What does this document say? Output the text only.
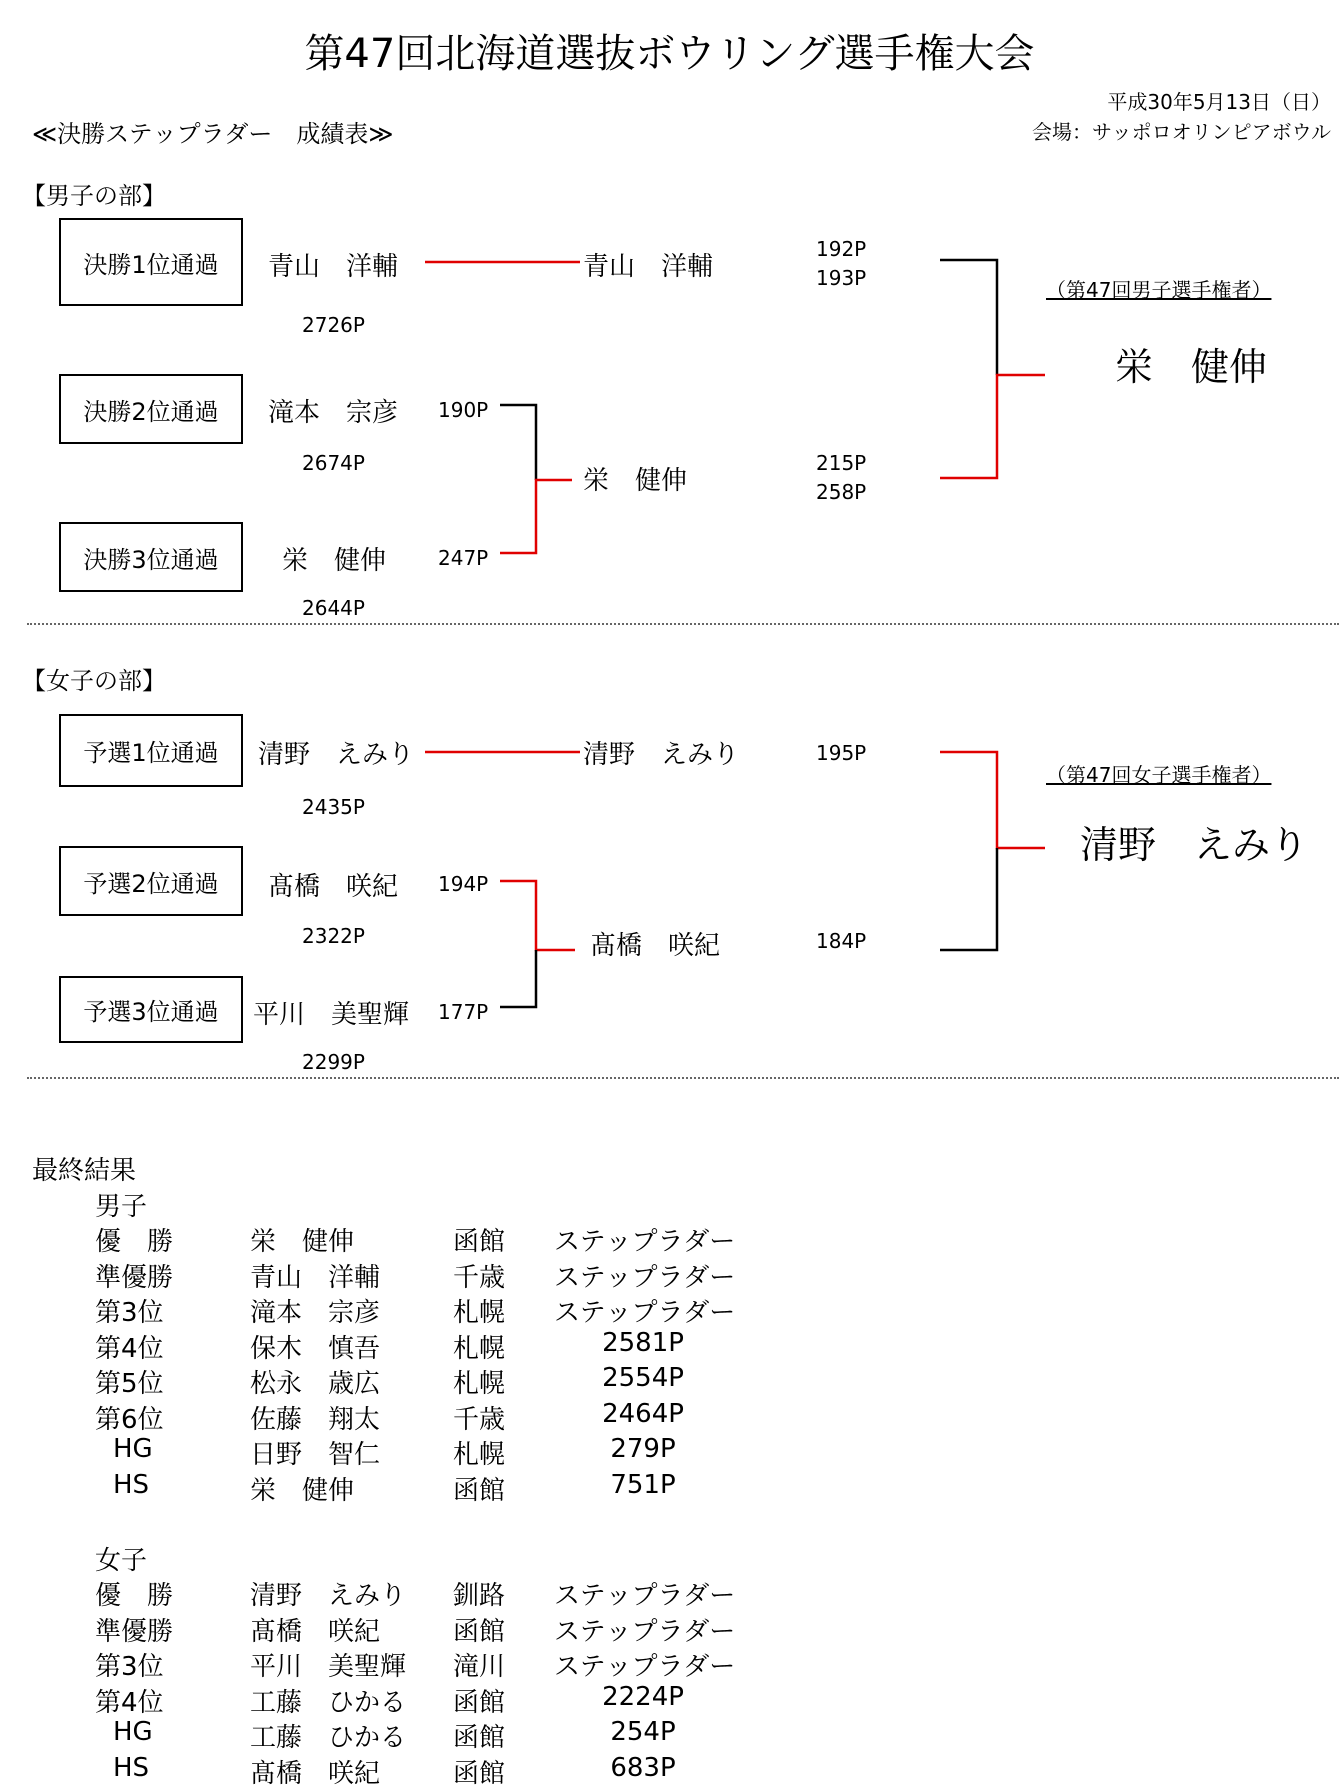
第47回北海道選抜ボウリング選手権大会
平成30年5月13日（日）
会場：サッポロオリンピアボウル
≪決勝ステップラダー　成績表≫
【男子の部】
決勝1位通過	青山　洋輔
2726P
決勝2位通過	滝本　宗彦 190P
2674P
決勝3位通過	栄　健伸	247P
2644P
青山　洋輔
栄　健伸
192P
193P
215P
258P
（第47回男子選手権者）
栄　健伸
【女子の部】
予選1位通過	清野　えみり
2435P
予選2位通過	髙橋　咲紀 194P
2322P
予選3位通過	平川　美聖輝 177P
2299P
清野　えみり
髙橋　咲紀
195P
184P
（第47回女子選手権者）
清野　えみり
最終結果
男子
優　勝	栄　健伸	函館 ステップラダー
準優勝	青山　洋輔	千歳 ステップラダー
第3位	滝本　宗彦	札幌 ステップラダー
第4位	保木　慎吾	札幌	2581P
第5位	松永　歳広	札幌	2554P
第6位	佐藤　翔太	千歳	2464P
HG	日野　智仁	札幌	279P
HS	栄　健伸	函館	751P
女子
優　勝	清野　えみり 釧路 ステップラダー
準優勝	髙橋　咲紀	函館 ステップラダー
第3位	平川　美聖輝 滝川 ステップラダー
第4位	工藤　ひかる 函館	2224P
HG	工藤　ひかる 函館	254P
HS	髙橋　咲紀	函館	683P
